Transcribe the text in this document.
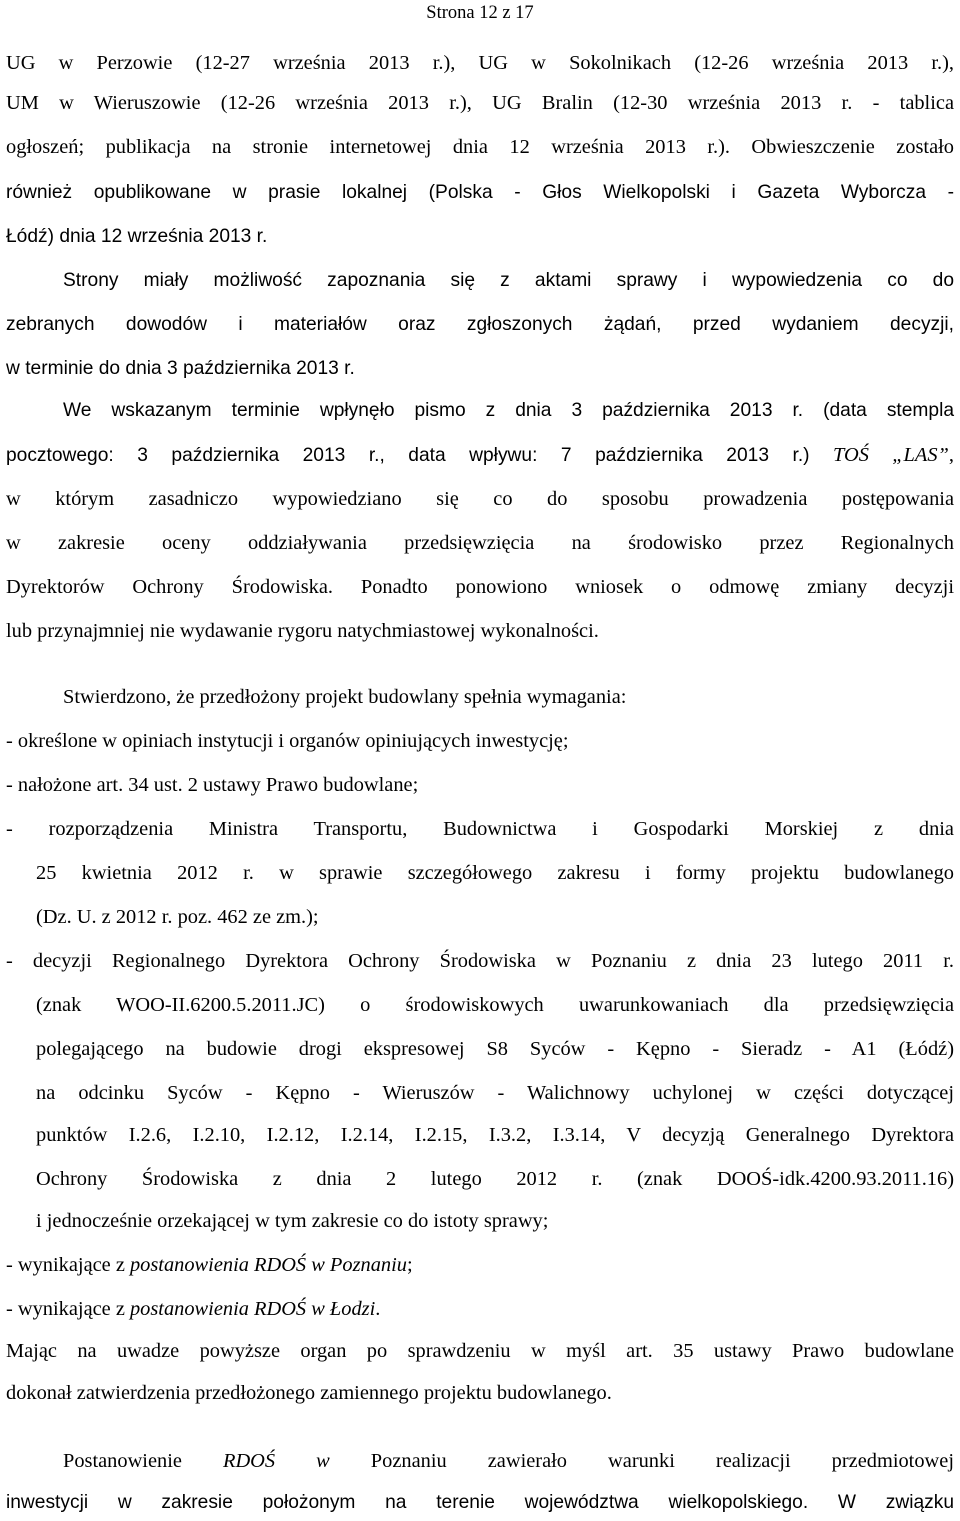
Strona 12 z 17
UG w Perzowie (12-27 września 2013 r.), UG w Sokolnikach (12-26 września 2013 r.),
UM w Wieruszowie (12-26 września 2013 r.), UG Bralin (12-30 września 2013 r. - tablica
ogłoszeń; publikacja na stronie internetowej dnia 12 września 2013 r.). Obwieszczenie zostało
również opublikowane w prasie lokalnej (Polska - Głos Wielkopolski i Gazeta Wyborcza -
Łódź) dnia 12 września 2013 r.
Strony miały możliwość zapoznania się z aktami sprawy i wypowiedzenia co do
zebranych dowodów i materiałów oraz zgłoszonych żądań, przed wydaniem decyzji,
w terminie do dnia 3 października 2013 r.
We wskazanym terminie wpłynęło pismo z dnia 3 października 2013 r. (data stempla
pocztowego: 3 października 2013 r., data wpływu: 7 października 2013 r.) TOŚ „LAS”,
w którym zasadniczo wypowiedziano się co do sposobu prowadzenia postępowania
w zakresie oceny oddziaływania przedsięwzięcia na środowisko przez Regionalnych
Dyrektorów Ochrony Środowiska. Ponadto ponowiono wniosek o odmowę zmiany decyzji
lub przynajmniej nie wydawanie rygoru natychmiastowej wykonalności.
Stwierdzono, że przedłożony projekt budowlany spełnia wymagania:
- określone w opiniach instytucji i organów opiniujących inwestycję;
- nałożone art. 34 ust. 2 ustawy Prawo budowlane;
- rozporządzenia Ministra Transportu, Budownictwa i Gospodarki Morskiej z dnia
25 kwietnia 2012 r. w sprawie szczegółowego zakresu i formy projektu budowlanego
(Dz. U. z 2012 r. poz. 462 ze zm.);
- decyzji Regionalnego Dyrektora Ochrony Środowiska w Poznaniu z dnia 23 lutego 2011 r.
(znak WOO-II.6200.5.2011.JC) o środowiskowych uwarunkowaniach dla przedsięwzięcia
polegającego na budowie drogi ekspresowej S8 Syców - Kępno - Sieradz - A1 (Łódź)
na odcinku Syców - Kępno - Wieruszów - Walichnowy uchylonej w części dotyczącej
punktów I.2.6, I.2.10, I.2.12, I.2.14, I.2.15, I.3.2, I.3.14, V decyzją Generalnego Dyrektora
Ochrony Środowiska z dnia 2 lutego 2012 r. (znak DOOŚ-idk.4200.93.2011.16)
i jednocześnie orzekającej w tym zakresie co do istoty sprawy;
- wynikające z postanowienia RDOŚ w Poznaniu;
- wynikające z postanowienia RDOŚ w Łodzi.
Mając na uwadze powyższe organ po sprawdzeniu w myśl art. 35 ustawy Prawo budowlane
dokonał zatwierdzenia przedłożonego zamiennego projektu budowlanego.
Postanowienie RDOŚ w Poznaniu zawierało warunki realizacji przedmiotowej
inwestycji w zakresie położonym na terenie województwa wielkopolskiego. W związku
